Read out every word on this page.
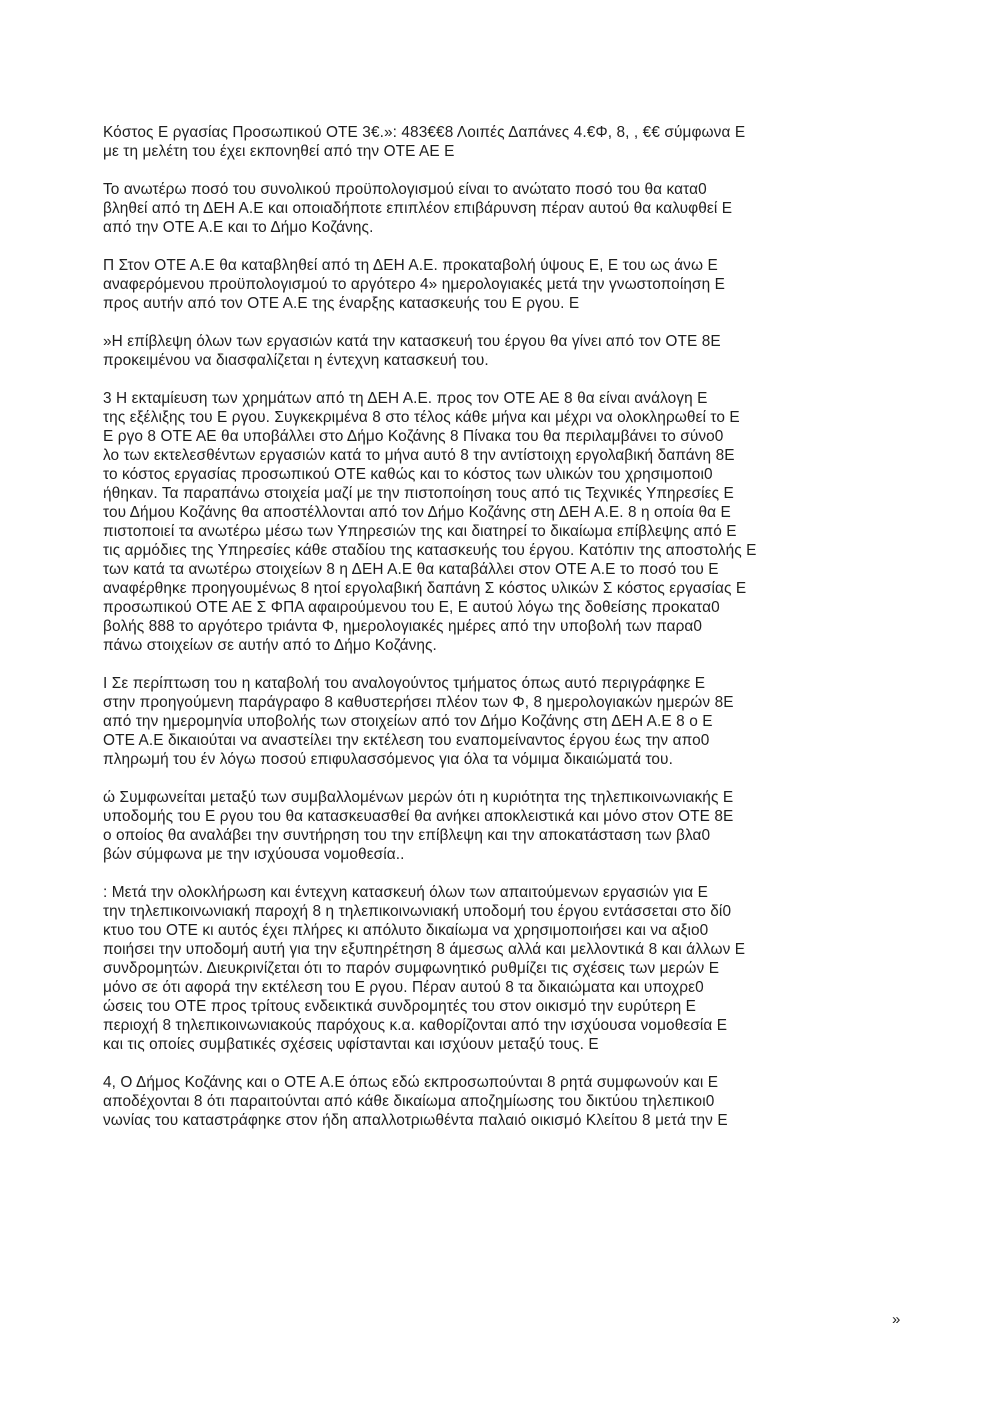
Κόστος Ε ργασίας Προσωπικού ΟΤΕ 3€.»: 483€€8 Λοιπές Δαπάνες 4.€Φ, 8, , €€ σύμφωνα Ε
με τη μελέτη του έχει εκπονηθεί από την ΟΤΕ ΑΕ Ε
Το ανωτέρω ποσό του συνολικού προϋπολογισμού είναι το ανώτατο ποσό του θα κατα0
βληθεί από τη ΔΕΗ Α.Ε και οποιαδήποτε επιπλέον επιβάρυνση πέραν αυτού θα καλυφθεί Ε
από την ΟΤΕ Α.Ε και το Δήμο Κοζάνης.
Π Στον ΟΤΕ Α.Ε θα καταβληθεί από τη ΔΕΗ Α.Ε. προκαταβολή ύψους Ε, Ε του ως άνω Ε
αναφερόμενου προϋπολογισμού το αργότερο 4» ημερολογιακές μετά την γνωστοποίηση Ε
προς αυτήν από τον ΟΤΕ Α.Ε της έναρξης κατασκευής του Ε ργου. Ε
»Η επίβλεψη όλων των εργασιών κατά την κατασκευή του έργου θα γίνει από τον ΟΤΕ 8Ε
προκειμένου να διασφαλίζεται η έντεχνη κατασκευή του.
3 Η εκταμίευση των χρημάτων από τη ΔΕΗ Α.Ε. προς τον ΟΤΕ ΑΕ 8 θα είναι ανάλογη Ε
της εξέλιξης του Ε ργου. Συγκεκριμένα 8 στο τέλος κάθε μήνα και μέχρι να ολοκληρωθεί το Ε
Ε ργο 8 ΟΤΕ ΑΕ θα υποβάλλει στο Δήμο Κοζάνης 8 Πίνακα του θα περιλαμβάνει το σύνο0
λο των εκτελεσθέντων εργασιών κατά το μήνα αυτό 8 την αντίστοιχη εργολαβική δαπάνη 8Ε
το κόστος εργασίας προσωπικού ΟΤΕ καθώς και το κόστος των υλικών του χρησιμοποι0
ήθηκαν. Τα παραπάνω στοιχεία μαζί με την πιστοποίηση τους από τις Τεχνικές Υπηρεσίες Ε
του Δήμου Κοζάνης θα αποστέλλονται από τον Δήμο Κοζάνης στη ΔΕΗ Α.Ε. 8 η οποία θα Ε
πιστοποιεί τα ανωτέρω μέσω των Υπηρεσιών της και διατηρεί το δικαίωμα επίβλεψης από Ε
τις αρμόδιες της Υπηρεσίες κάθε σταδίου της κατασκευής του έργου. Κατόπιν της αποστολής Ε
των κατά τα ανωτέρω στοιχείων 8 η ΔΕΗ Α.Ε θα καταβάλλει στον ΟΤΕ Α.Ε το ποσό του Ε
αναφέρθηκε προηγουμένως 8 ητοί εργολαβική δαπάνη Σ κόστος υλικών Σ κόστος εργασίας Ε
προσωπικού ΟΤΕ ΑΕ Σ ΦΠΑ αφαιρούμενου του Ε, Ε αυτού λόγω της δοθείσης προκατα0
βολής 888 το αργότερο τριάντα Φ, ημερολογιακές ημέρες από την υποβολή των παρα0
πάνω στοιχείων σε αυτήν από το Δήμο Κοζάνης.
Ι Σε περίπτωση του η καταβολή του αναλογούντος τμήματος όπως αυτό περιγράφηκε Ε
στην προηγούμενη παράγραφο 8 καθυστερήσει πλέον των Φ, 8 ημερολογιακών ημερών 8Ε
από την ημερομηνία υποβολής των στοιχείων από τον Δήμο Κοζάνης στη ΔΕΗ Α.Ε 8 ο Ε
ΟΤΕ Α.Ε δικαιούται να αναστείλει την εκτέλεση του εναπομείναντος έργου έως την απο0
πληρωμή του έν λόγω ποσού επιφυλασσόμενος για όλα τα νόμιμα δικαιώματά του.
ώ Συμφωνείται μεταξύ των συμβαλλομένων μερών ότι η κυριότητα της τηλεπικοινωνιακής Ε
υποδομής του Ε ργου του θα κατασκευασθεί θα ανήκει αποκλειστικά και μόνο στον ΟΤΕ 8Ε
ο οποίος θα αναλάβει την συντήρηση του την επίβλεψη και την αποκατάσταση των βλα0
βών σύμφωνα με την ισχύουσα νομοθεσία..
: Μετά την ολοκλήρωση και έντεχνη κατασκευή όλων των απαιτούμενων εργασιών για Ε
την τηλεπικοινωνιακή παροχή 8 η τηλεπικοινωνιακή υποδομή του έργου εντάσσεται στο δί0
κτυο του ΟΤΕ κι αυτός έχει πλήρες κι απόλυτο δικαίωμα να χρησιμοποιήσει και να αξιο0
ποιήσει την υποδομή αυτή για την εξυπηρέτηση 8 άμεσως αλλά και μελλοντικά 8 και άλλων Ε
συνδρομητών. Διευκρινίζεται ότι το παρόν συμφωνητικό ρυθμίζει τις σχέσεις των μερών Ε
μόνο σε ότι αφορά την εκτέλεση του Ε ργου. Πέραν αυτού 8 τα δικαιώματα και υποχρε0
ώσεις του ΟΤΕ προς τρίτους ενδεικτικά συνδρομητές του στον οικισμό την ευρύτερη Ε
περιοχή 8 τηλεπικοινωνιακούς παρόχους κ.α. καθορίζονται από την ισχύουσα νομοθεσία Ε
και τις οποίες συμβατικές σχέσεις υφίστανται και ισχύουν μεταξύ τους. Ε
4, Ο Δήμος Κοζάνης και ο ΟΤΕ Α.Ε όπως εδώ εκπροσωπούνται 8 ρητά συμφωνούν και Ε
αποδέχονται 8 ότι παραιτούνται από κάθε δικαίωμα αποζημίωσης του δικτύου τηλεπικοι0
νωνίας του καταστράφηκε στον ήδη απαλλοτριωθέντα παλαιό οικισμό Κλείτου 8 μετά την Ε
»
